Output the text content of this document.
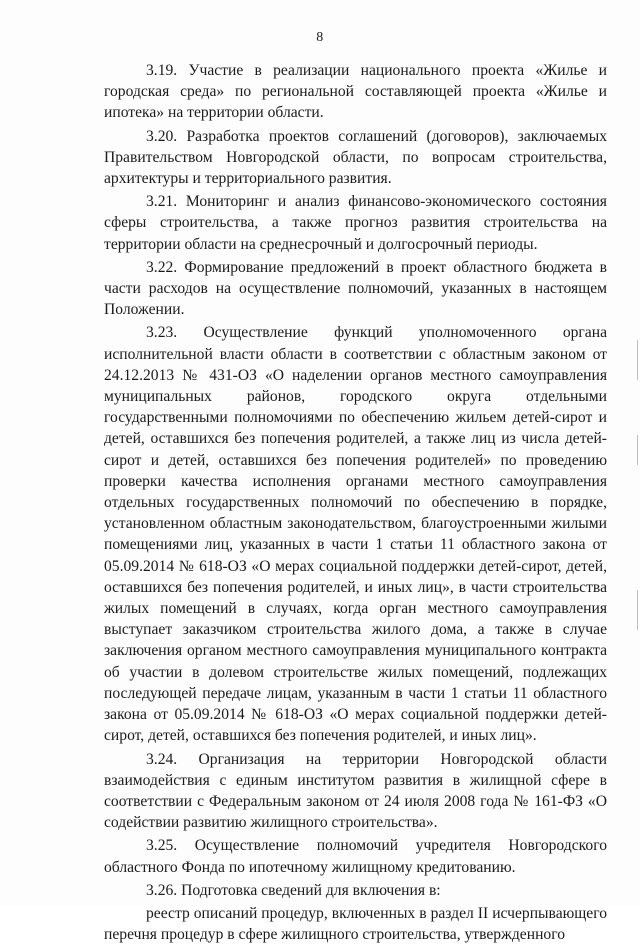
8

3.19. Участие в реализации национального проекта «Жилье и городская среда» по региональной составляющей проекта «Жилье и ипотека» на территории области.

3.20. Разработка проектов соглашений (договоров), заключаемых Правительством Новгородской области, по вопросам строительства, архитектуры и территориального развития.

3.21. Мониторинг и анализ финансово-экономического состояния сферы строительства, а также прогноз развития строительства на территории области на среднесрочный и долгосрочный периоды.

3.22. Формирование предложений в проект областного бюджета в части расходов на осуществление полномочий, указанных в настоящем Положении.

3.23. Осуществление функций уполномоченного органа исполнительной власти области в соответствии с областным законом от 24.12.2013 № 431-ОЗ «О наделении органов местного самоуправления муниципальных районов, городского округа отдельными государственными полномочиями по обеспечению жильем детей-сирот и детей, оставшихся без попечения родителей, а также лиц из числа детей-сирот и детей, оставшихся без попечения родителей» по проведению проверки качества исполнения органами местного самоуправления отдельных государственных полномочий по обеспечению в порядке, установленном областным законодательством, благоустроенными жилыми помещениями лиц, указанных в части 1 статьи 11 областного закона от 05.09.2014 № 618-ОЗ «О мерах социальной поддержки детей-сирот, детей, оставшихся без попечения родителей, и иных лиц», в части строительства жилых помещений в случаях, когда орган местного самоуправления выступает заказчиком строительства жилого дома, а также в случае заключения органом местного самоуправления муниципального контракта об участии в долевом строительстве жилых помещений, подлежащих последующей передаче лицам, указанным в части 1 статьи 11 областного закона от 05.09.2014 № 618-ОЗ «О мерах социальной поддержки детей-сирот, детей, оставшихся без попечения родителей, и иных лиц».

3.24. Организация на территории Новгородской области взаимодействия с единым институтом развития в жилищной сфере в соответствии с Федеральным законом от 24 июля 2008 года № 161-ФЗ «О содействии развитию жилищного строительства».

3.25. Осуществление полномочий учредителя Новгородского областного Фонда по ипотечному жилищному кредитованию.

3.26. Подготовка сведений для включения в:

реестр описаний процедур, включенных в раздел II исчерпывающего перечня процедур в сфере жилищного строительства, утвержденного
